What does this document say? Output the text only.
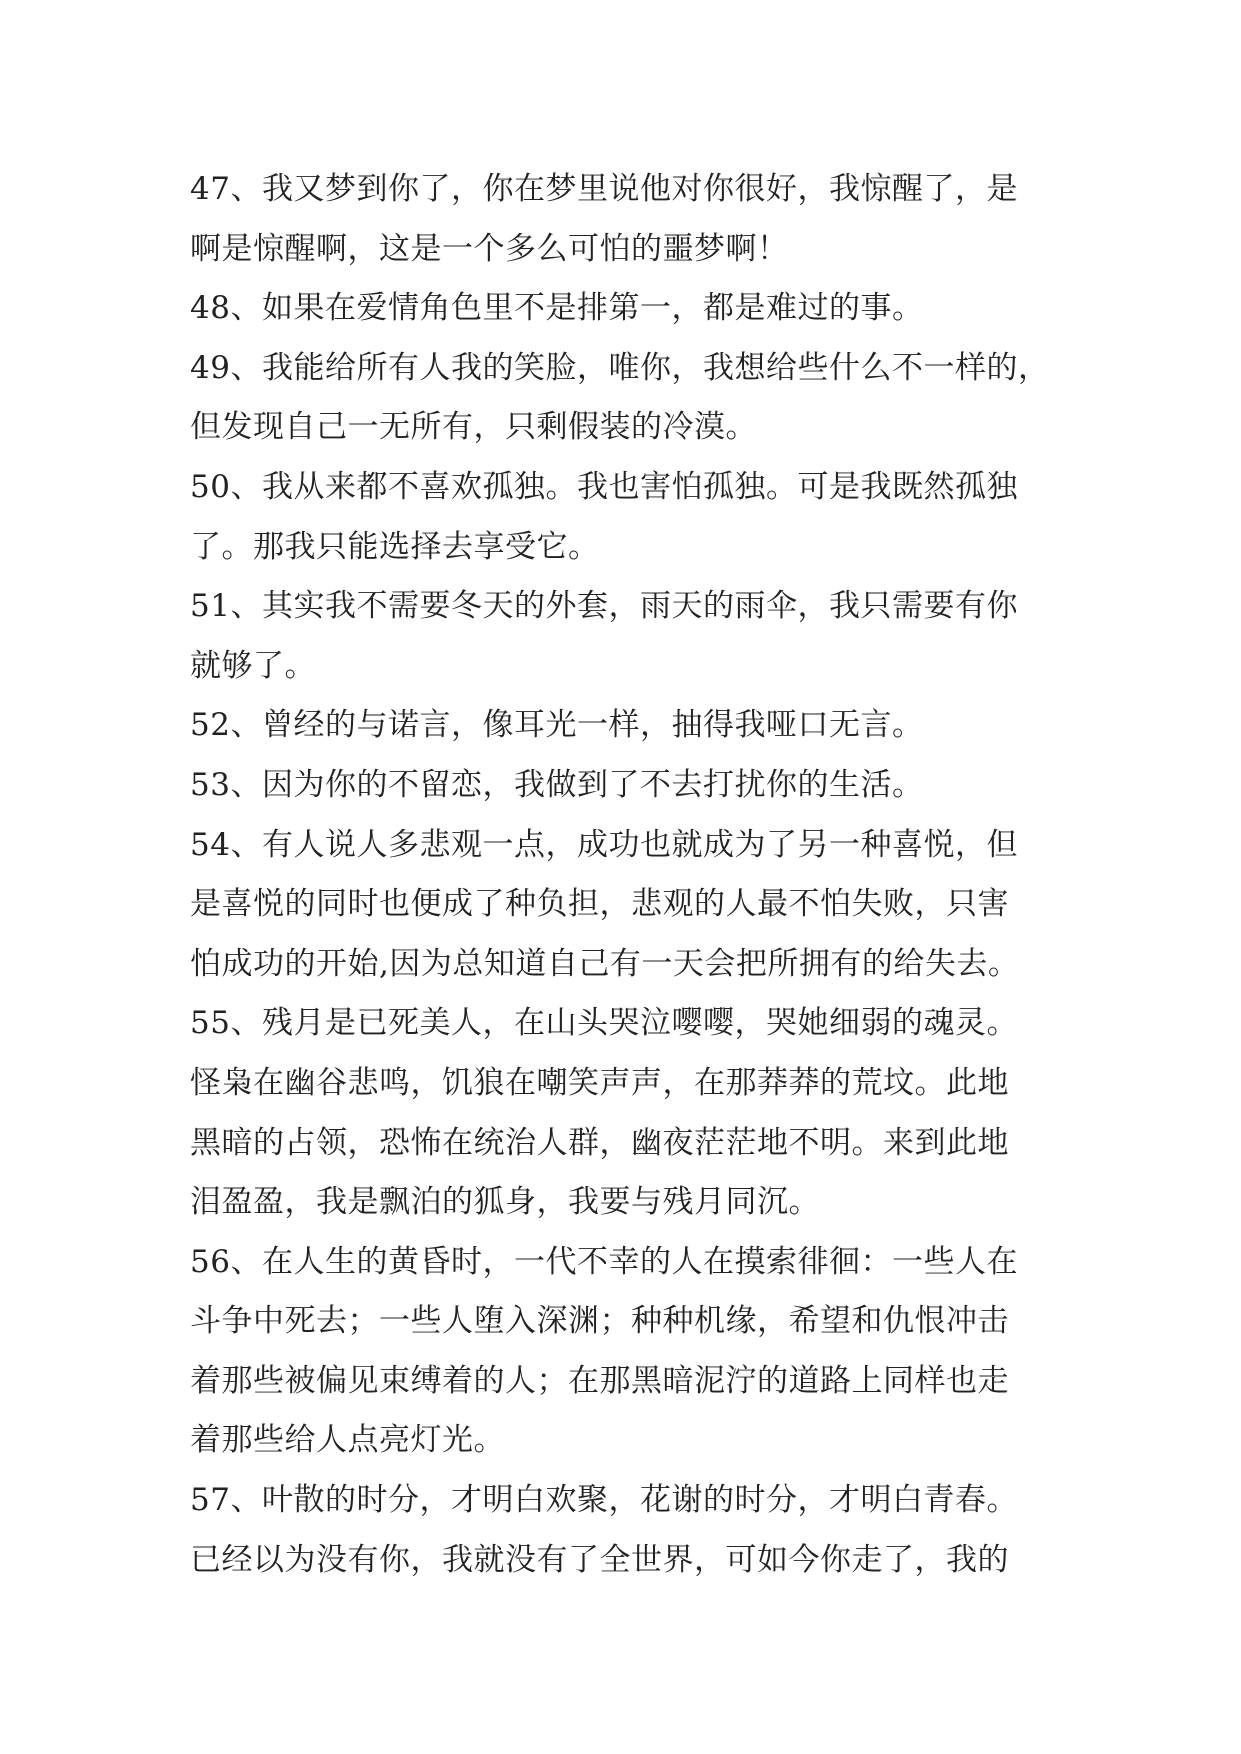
47、我又梦到你了，你在梦里说他对你很好，我惊醒了，是
啊是惊醒啊，这是一个多么可怕的噩梦啊！
48、如果在爱情角色里不是排第一，都是难过的事。
49、我能给所有人我的笑脸，唯你，我想给些什么不一样的，
但发现自己一无所有，只剩假装的冷漠。
50、我从来都不喜欢孤独。我也害怕孤独。可是我既然孤独
了。那我只能选择去享受它。
51、其实我不需要冬天的外套，雨天的雨伞，我只需要有你
就够了。
52、曾经的与诺言，像耳光一样，抽得我哑口无言。
53、因为你的不留恋，我做到了不去打扰你的生活。
54、有人说人多悲观一点，成功也就成为了另一种喜悦，但
是喜悦的同时也便成了种负担，悲观的人最不怕失败，只害
怕成功的开始,因为总知道自己有一天会把所拥有的给失去。
55、残月是已死美人，在山头哭泣嘤嘤，哭她细弱的魂灵。
怪枭在幽谷悲鸣，饥狼在嘲笑声声，在那莽莽的荒坟。此地
黑暗的占领，恐怖在统治人群，幽夜茫茫地不明。来到此地
泪盈盈，我是飘泊的狐身，我要与残月同沉。
56、在人生的黄昏时，一代不幸的人在摸索徘徊：一些人在
斗争中死去；一些人堕入深渊；种种机缘，希望和仇恨冲击
着那些被偏见束缚着的人；在那黑暗泥泞的道路上同样也走
着那些给人点亮灯光。
57、叶散的时分，才明白欢聚，花谢的时分，才明白青春。
已经以为没有你，我就没有了全世界，可如今你走了，我的
